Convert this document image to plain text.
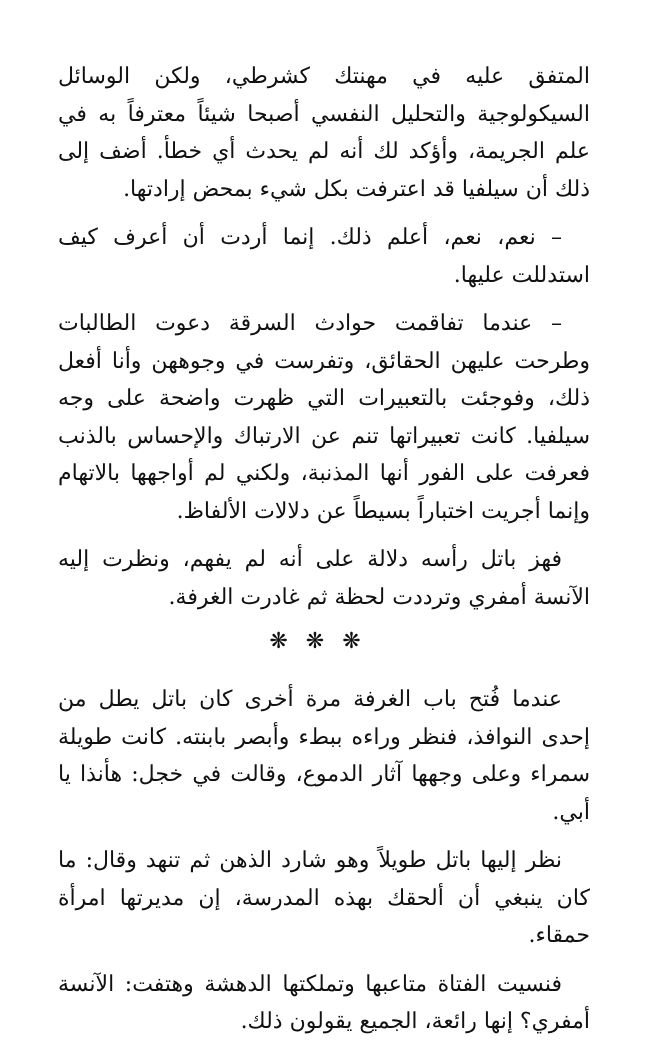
المتفق عليه في مهنتك كشرطي، ولكن الوسائل السيكولوجية والتحليل النفسي أصبحا شيئاً معترفاً به في علم الجريمة، وأؤكد لك أنه لم يحدث أي خطأ. أضف إلى ذلك أن سيلفيا قد اعترفت بكل شيء بمحض إرادتها.

– نعم، نعم، أعلم ذلك. إنما أردت أن أعرف كيف استدللت عليها.

– عندما تفاقمت حوادث السرقة دعوت الطالبات وطرحت عليهن الحقائق، وتفرست في وجوههن وأنا أفعل ذلك، وفوجئت بالتعبيرات التي ظهرت واضحة على وجه سيلفيا. كانت تعبيراتها تنم عن الارتباك والإحساس بالذنب فعرفت على الفور أنها المذنبة، ولكني لم أواجهها بالاتهام وإنما أجريت اختباراً بسيطاً عن دلالات الألفاظ.

فهز باتل رأسه دلالة على أنه لم يفهم، ونظرت إليه الآنسة أمفري وترددت لحظة ثم غادرت الغرفة.

❋❋❋

عندما فُتح باب الغرفة مرة أخرى كان باتل يطل من إحدى النوافذ، فنظر وراءه ببطء وأبصر بابنته. كانت طويلة سمراء وعلى وجهها آثار الدموع، وقالت في خجل: هأنذا يا أبي.

نظر إليها باتل طويلاً وهو شارد الذهن ثم تنهد وقال: ما كان ينبغي أن ألحقك بهذه المدرسة، إن مديرتها امرأة حمقاء.

فنسيت الفتاة متاعبها وتملكتها الدهشة وهتفت: الآنسة أمفري؟ إنها رائعة، الجميع يقولون ذلك.
